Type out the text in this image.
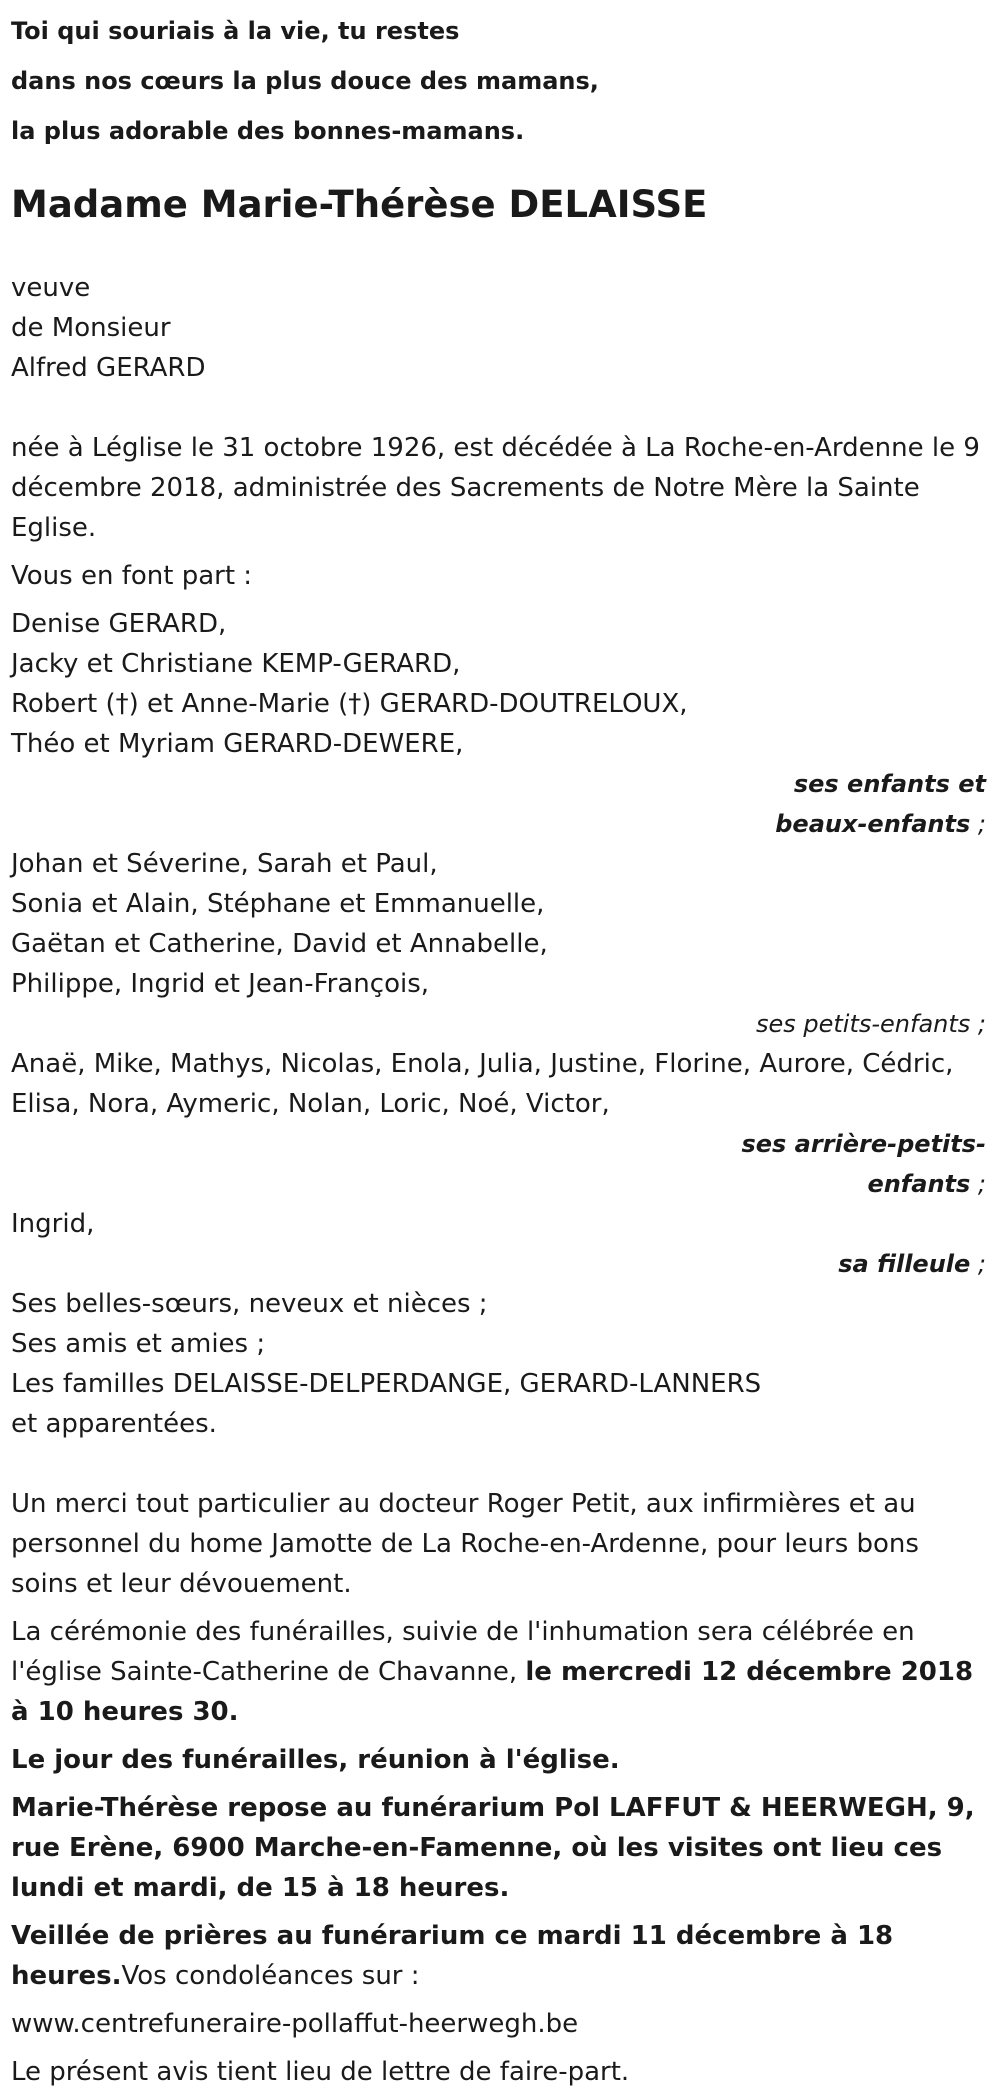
Toi qui souriais à la vie, tu restes
dans nos cœurs la plus douce des mamans,
la plus adorable des bonnes-mamans.
Madame Marie-Thérèse DELAISSE
veuve
de Monsieur
Alfred GERARD

née à Léglise le 31 octobre 1926, est décédée à La Roche-en-Ardenne le 9 décembre 2018, administrée des Sacrements de Notre Mère la Sainte Eglise.

Vous en font part :

Denise GERARD,
Jacky et Christiane KEMP-GERARD,
Robert (†) et Anne-Marie (†) GERARD-DOUTRELOUX,
Théo et Myriam GERARD-DEWERE,
ses enfants et
beaux-enfants ;
Johan et Séverine, Sarah et Paul,
Sonia et Alain, Stéphane et Emmanuelle,
Gaëtan et Catherine, David et Annabelle,
Philippe, Ingrid et Jean-François,
ses petits-enfants ;
Anaë, Mike, Mathys, Nicolas, Enola, Julia, Justine, Florine, Aurore, Cédric,
Elisa, Nora, Aymeric, Nolan, Loric, Noé, Victor,
ses arrière-petits-
enfants ;
Ingrid,
sa filleule ;
Ses belles-sœurs, neveux et nièces ;
Ses amis et amies ;
Les familles DELAISSE-DELPERDANGE, GERARD-LANNERS
et apparentées.

Un merci tout particulier au docteur Roger Petit, aux infirmières et au personnel du home Jamotte de La Roche-en-Ardenne, pour leurs bons soins et leur dévouement.

La cérémonie des funérailles, suivie de l'inhumation sera célébrée en l'église Sainte-Catherine de Chavanne, le mercredi 12 décembre 2018 à 10 heures 30.

Le jour des funérailles, réunion à l'église.

Marie-Thérèse repose au funérarium Pol LAFFUT & HEERWEGH, 9, rue Erène, 6900 Marche-en-Famenne, où les visites ont lieu ces lundi et mardi, de 15 à 18 heures.

Veillée de prières au funérarium ce mardi 11 décembre à 18 heures.Vos condoléances sur :

www.centrefuneraire-pollaffut-heerwegh.be

Le présent avis tient lieu de lettre de faire-part.
